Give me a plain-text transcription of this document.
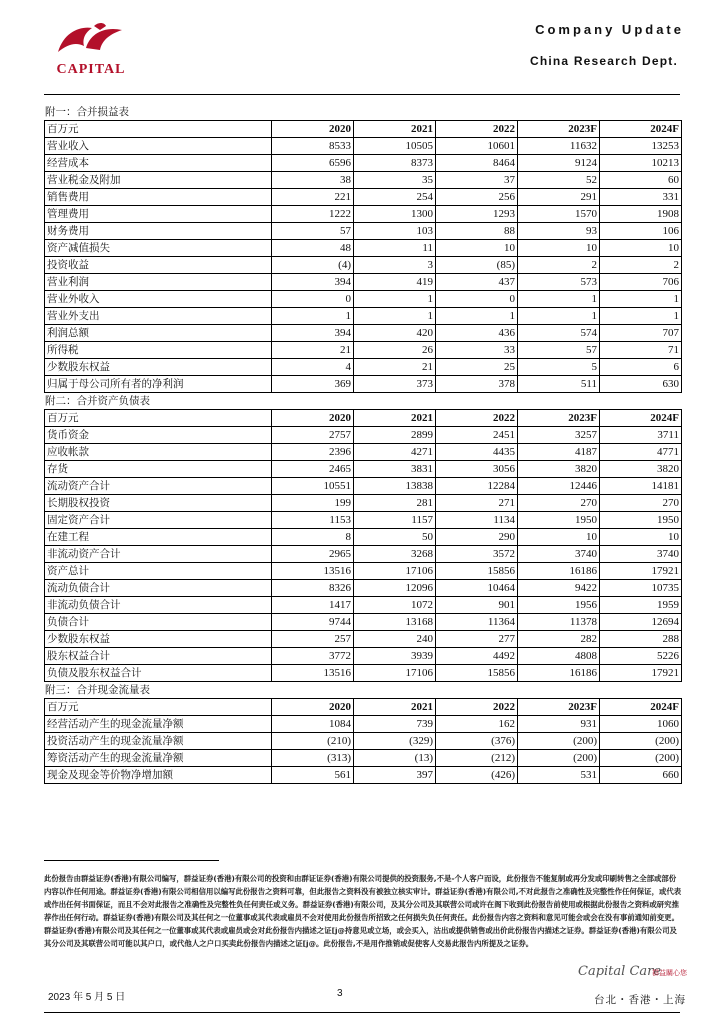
CAPITAL
Company Update
China Research Dept.
附一：合并损益表
百万元	2020	2021	2022	2023F	2024F
营业收入	8533	10505	10601	11632	13253
经营成本	6596	8373	8464	9124	10213
营业税金及附加	38	35	37	52	60
销售费用	221	254	256	291	331
管理费用	1222	1300	1293	1570	1908
财务费用	57	103	88	93	106
资产减值损失	48	11	10	10	10
投资收益	(4)	3	(85)	2	2
营业利润	394	419	437	573	706
营业外收入	0	1	0	1	1
营业外支出	1	1	1	1	1
利润总额	394	420	436	574	707
所得税	21	26	33	57	71
少数股东权益	4	21	25	5	6
归属于母公司所有者的净利润	369	373	378	511	630
附二：合并资产负债表
百万元	2020	2021	2022	2023F	2024F
货币资金	2757	2899	2451	3257	3711
应收帐款	2396	4271	4435	4187	4771
存货	2465	3831	3056	3820	3820
流动资产合计	10551	13838	12284	12446	14181
长期股权投资	199	281	271	270	270
固定资产合计	1153	1157	1134	1950	1950
在建工程	8	50	290	10	10
非流动资产合计	2965	3268	3572	3740	3740
资产总计	13516	17106	15856	16186	17921
流动负债合计	8326	12096	10464	9422	10735
非流动负债合计	1417	1072	901	1956	1959
负债合计	9744	13168	11364	11378	12694
少数股东权益	257	240	277	282	288
股东权益合计	3772	3939	4492	4808	5226
负债及股东权益合计	13516	17106	15856	16186	17921
附三：合并现金流量表
百万元	2020	2021	2022	2023F	2024F
经营活动产生的现金流量净额	1084	739	162	931	1060
投资活动产生的现金流量净额	(210)	(329)	(376)	(200)	(200)
筹资活动产生的现金流量净额	(313)	(13)	(212)	(200)	(200)
现金及现金等价物净增加额	561	397	(426)	531	660
此份报告由群益证券(香港)有限公司编写，群益证券(香港)有限公司的投资和由群证证券(香港)有限公司提供的投资服务,不是-个人客户而设，此份报告不能复制或再分发或印刷转售之全部或部份内容以作任何用途。群益证券(香港)有限公司相信用以编写此份报告之资料可靠，但此报告之资料没有被独立核实审计。群益证券(香港)有限公司,不对此报告之准确性及完整性作任何保证，或代表或作出任何书面保证，而且不会对此报告之准确性及完整性负任何责任或义务。群益证券(香港)有限公司，及其分公司及其联营公司或许在阁下收到此份报告前使用或根据此份报告之资料或研究推荐作出任何行动。群益证券(香港)有限公司及其任何之一位董事或其代表或雇员不会对使用此份报告所招致之任何损失负任何责任。此份报告内容之资料和意见可能会或会在没有事前通知前变更。群益证券(香港)有限公司及其任何之一位董事或其代表或雇员或会对此份报告内描述之证[j@持意见或立场，或会买入，沽出或提供销售或出价此份报告内描述之证券。群益证券(香港)有限公司及其分公司及其联营公司可能以其户口，或代他人之户口买卖此份报告内描述之证[j@。此份报告,不是用作推销或促使客人交易此报告内所提及之证券。
Capital Care
群益關心您
2023 年 5 月 5 日	3
台北・香港・上海
